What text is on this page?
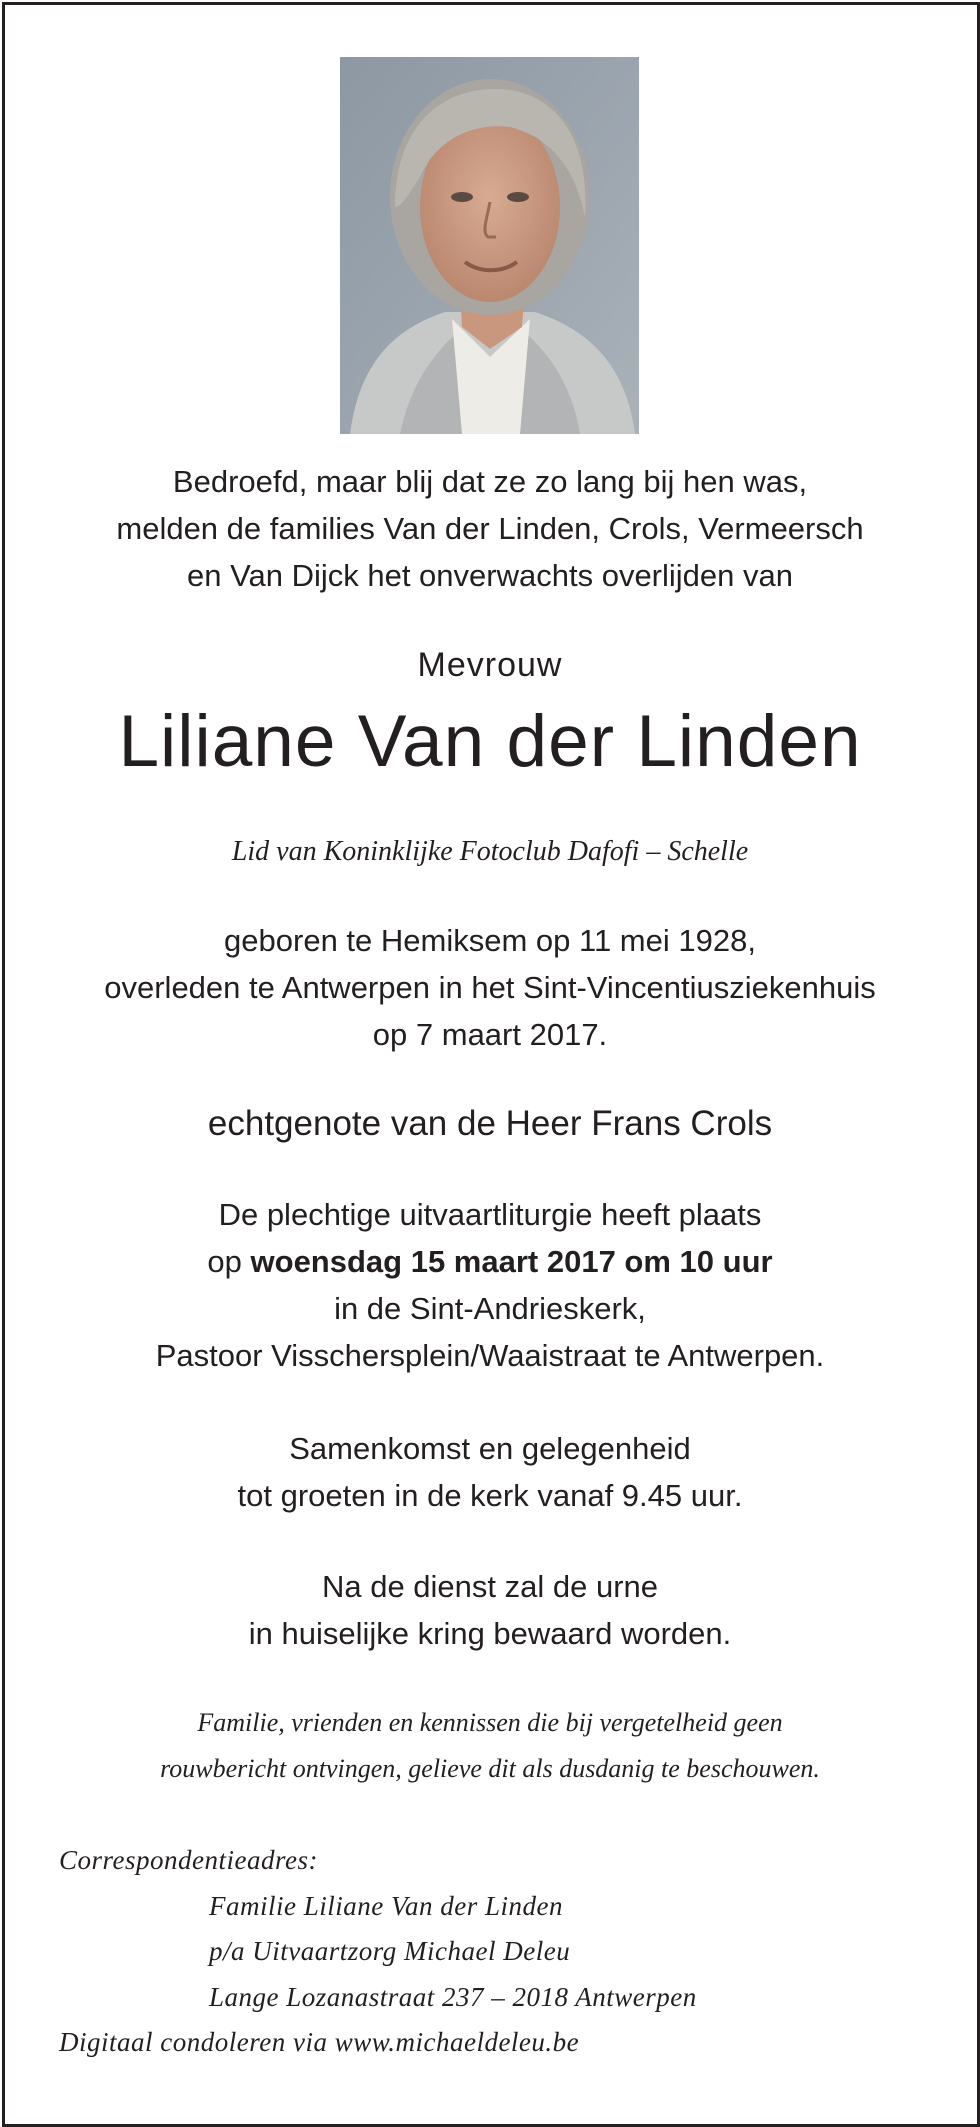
Bedroefd, maar blij dat ze zo lang bij hen was,
melden de families Van der Linden, Crols, Vermeersch
en Van Dijck het onverwachts overlijden van
Mevrouw
Liliane Van der Linden
Lid van Koninklijke Fotoclub Dafofi – Schelle
geboren te Hemiksem op 11 mei 1928,
overleden te Antwerpen in het Sint-Vincentiusziekenhuis
op 7 maart 2017.
echtgenote van de Heer Frans Crols
De plechtige uitvaartliturgie heeft plaats
op woensdag 15 maart 2017 om 10 uur
in de Sint-Andrieskerk,
Pastoor Visschersplein/Waaistraat te Antwerpen.
Samenkomst en gelegenheid
tot groeten in de kerk vanaf 9.45 uur.
Na de dienst zal de urne
in huiselijke kring bewaard worden.
Familie, vrienden en kennissen die bij vergetelheid geen
rouwbericht ontvingen, gelieve dit als dusdanig te beschouwen.
Correspondentieadres:
Familie Liliane Van der Linden
p/a Uitvaartzorg Michael Deleu
Lange Lozanastraat 237 – 2018 Antwerpen
Digitaal condoleren via www.michaeldeleu.be
